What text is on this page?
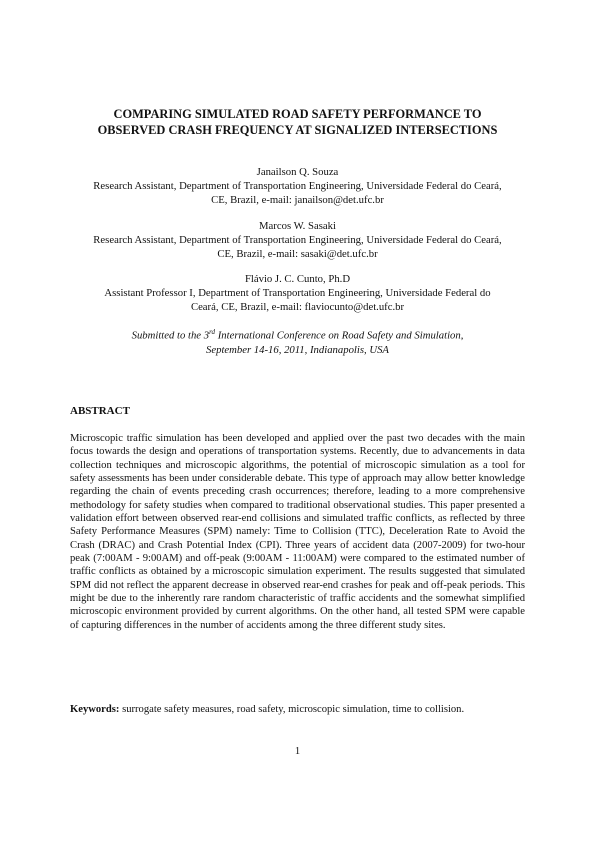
COMPARING SIMULATED ROAD SAFETY PERFORMANCE TO
OBSERVED CRASH FREQUENCY AT SIGNALIZED INTERSECTIONS
Janailson Q. Souza
Research Assistant, Department of Transportation Engineering, Universidade Federal do Ceará,
CE, Brazil, e-mail: janailson@det.ufc.br
Marcos W. Sasaki
Research Assistant, Department of Transportation Engineering, Universidade Federal do Ceará,
CE, Brazil, e-mail: sasaki@det.ufc.br
Flávio J. C. Cunto, Ph.D
Assistant Professor I, Department of Transportation Engineering, Universidade Federal do
Ceará, CE, Brazil, e-mail: flaviocunto@det.ufc.br
Submitted to the 3rd International Conference on Road Safety and Simulation,
September 14-16, 2011, Indianapolis, USA
ABSTRACT
Microscopic traffic simulation has been developed and applied over the past two decades with the main focus towards the design and operations of transportation systems. Recently, due to advancements in data collection techniques and microscopic algorithms, the potential of microscopic simulation as a tool for safety assessments has been under considerable debate. This type of approach may allow better knowledge regarding the chain of events preceding crash occurrences; therefore, leading to a more comprehensive methodology for safety studies when compared to traditional observational studies. This paper presented a validation effort between observed rear-end collisions and simulated traffic conflicts, as reflected by three Safety Performance Measures (SPM) namely: Time to Collision (TTC), Deceleration Rate to Avoid the Crash (DRAC) and Crash Potential Index (CPI). Three years of accident data (2007-2009) for two-hour peak (7:00AM - 9:00AM) and off-peak (9:00AM - 11:00AM) were compared to the estimated number of traffic conflicts as obtained by a microscopic simulation experiment. The results suggested that simulated SPM did not reflect the apparent decrease in observed rear-end crashes for peak and off-peak periods. This might be due to the inherently rare random characteristic of traffic accidents and the somewhat simplified microscopic environment provided by current algorithms. On the other hand, all tested SPM were capable of capturing differences in the number of accidents among the three different study sites.
Keywords: surrogate safety measures, road safety, microscopic simulation, time to collision.
1
